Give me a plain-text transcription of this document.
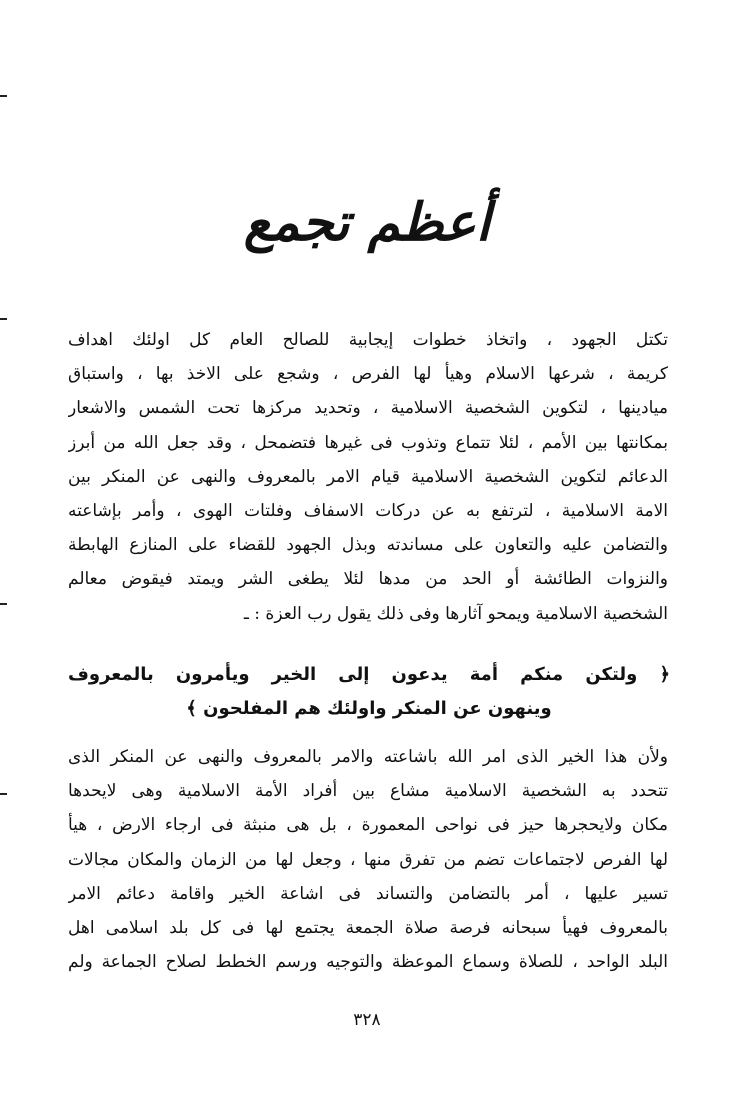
أعظم تجمع
تكتل الجهود ، واتخاذ خطوات إيجابية للصالح العام كل اولئك اهداف
كريمة ، شرعها الاسلام وهيأ لها الفرص ، وشجع على الاخذ بها ، واستباق
ميادينها ، لتكوين الشخصية الاسلامية ، وتحديد مركزها تحت الشمس والاشعار
بمكانتها بين الأمم ، لئلا تتماع وتذوب فى غيرها فتضمحل ، وقد جعل الله من أبرز
الدعائم لتكوين الشخصية الاسلامية قيام الامر بالمعروف والنهى عن المنكر بين
الامة الاسلامية ، لترتفع به عن دركات الاسفاف وفلتات الهوى ، وأمر بإشاعته
والتضامن عليه والتعاون على مساندته وبذل الجهود للقضاء على المنازع الهابطة
والنزوات الطائشة أو الحد من مدها لئلا يطغى الشر ويمتد فيقوض معالم
الشخصية الاسلامية ويمحو آثارها وفى ذلك يقول رب العزة : ـ
﴿ ولتكن منكم أمة يدعون إلى الخير ويأمرون بالمعروف
وينهون عن المنكر واولئك هم المفلحون ﴾
ولأن هذا الخير الذى امر الله باشاعته والامر بالمعروف والنهى عن المنكر الذى
تتحدد به الشخصية الاسلامية مشاع بين أفراد الأمة الاسلامية وهى لايحدها
مكان ولايحجرها حيز فى نواحى المعمورة ، بل هى منبثة فى ارجاء الارض ، هيأ
لها الفرص لاجتماعات تضم من تفرق منها ، وجعل لها من الزمان والمكان مجالات
تسير عليها ، أمر بالتضامن والتساند فى اشاعة الخير واقامة دعائم الامر
بالمعروف فهيأ سبحانه فرصة صلاة الجمعة يجتمع لها فى كل بلد اسلامى اهل
البلد الواحد ، للصلاة وسماع الموعظة والتوجيه ورسم الخطط لصلاح الجماعة ولم
٣٢٨
